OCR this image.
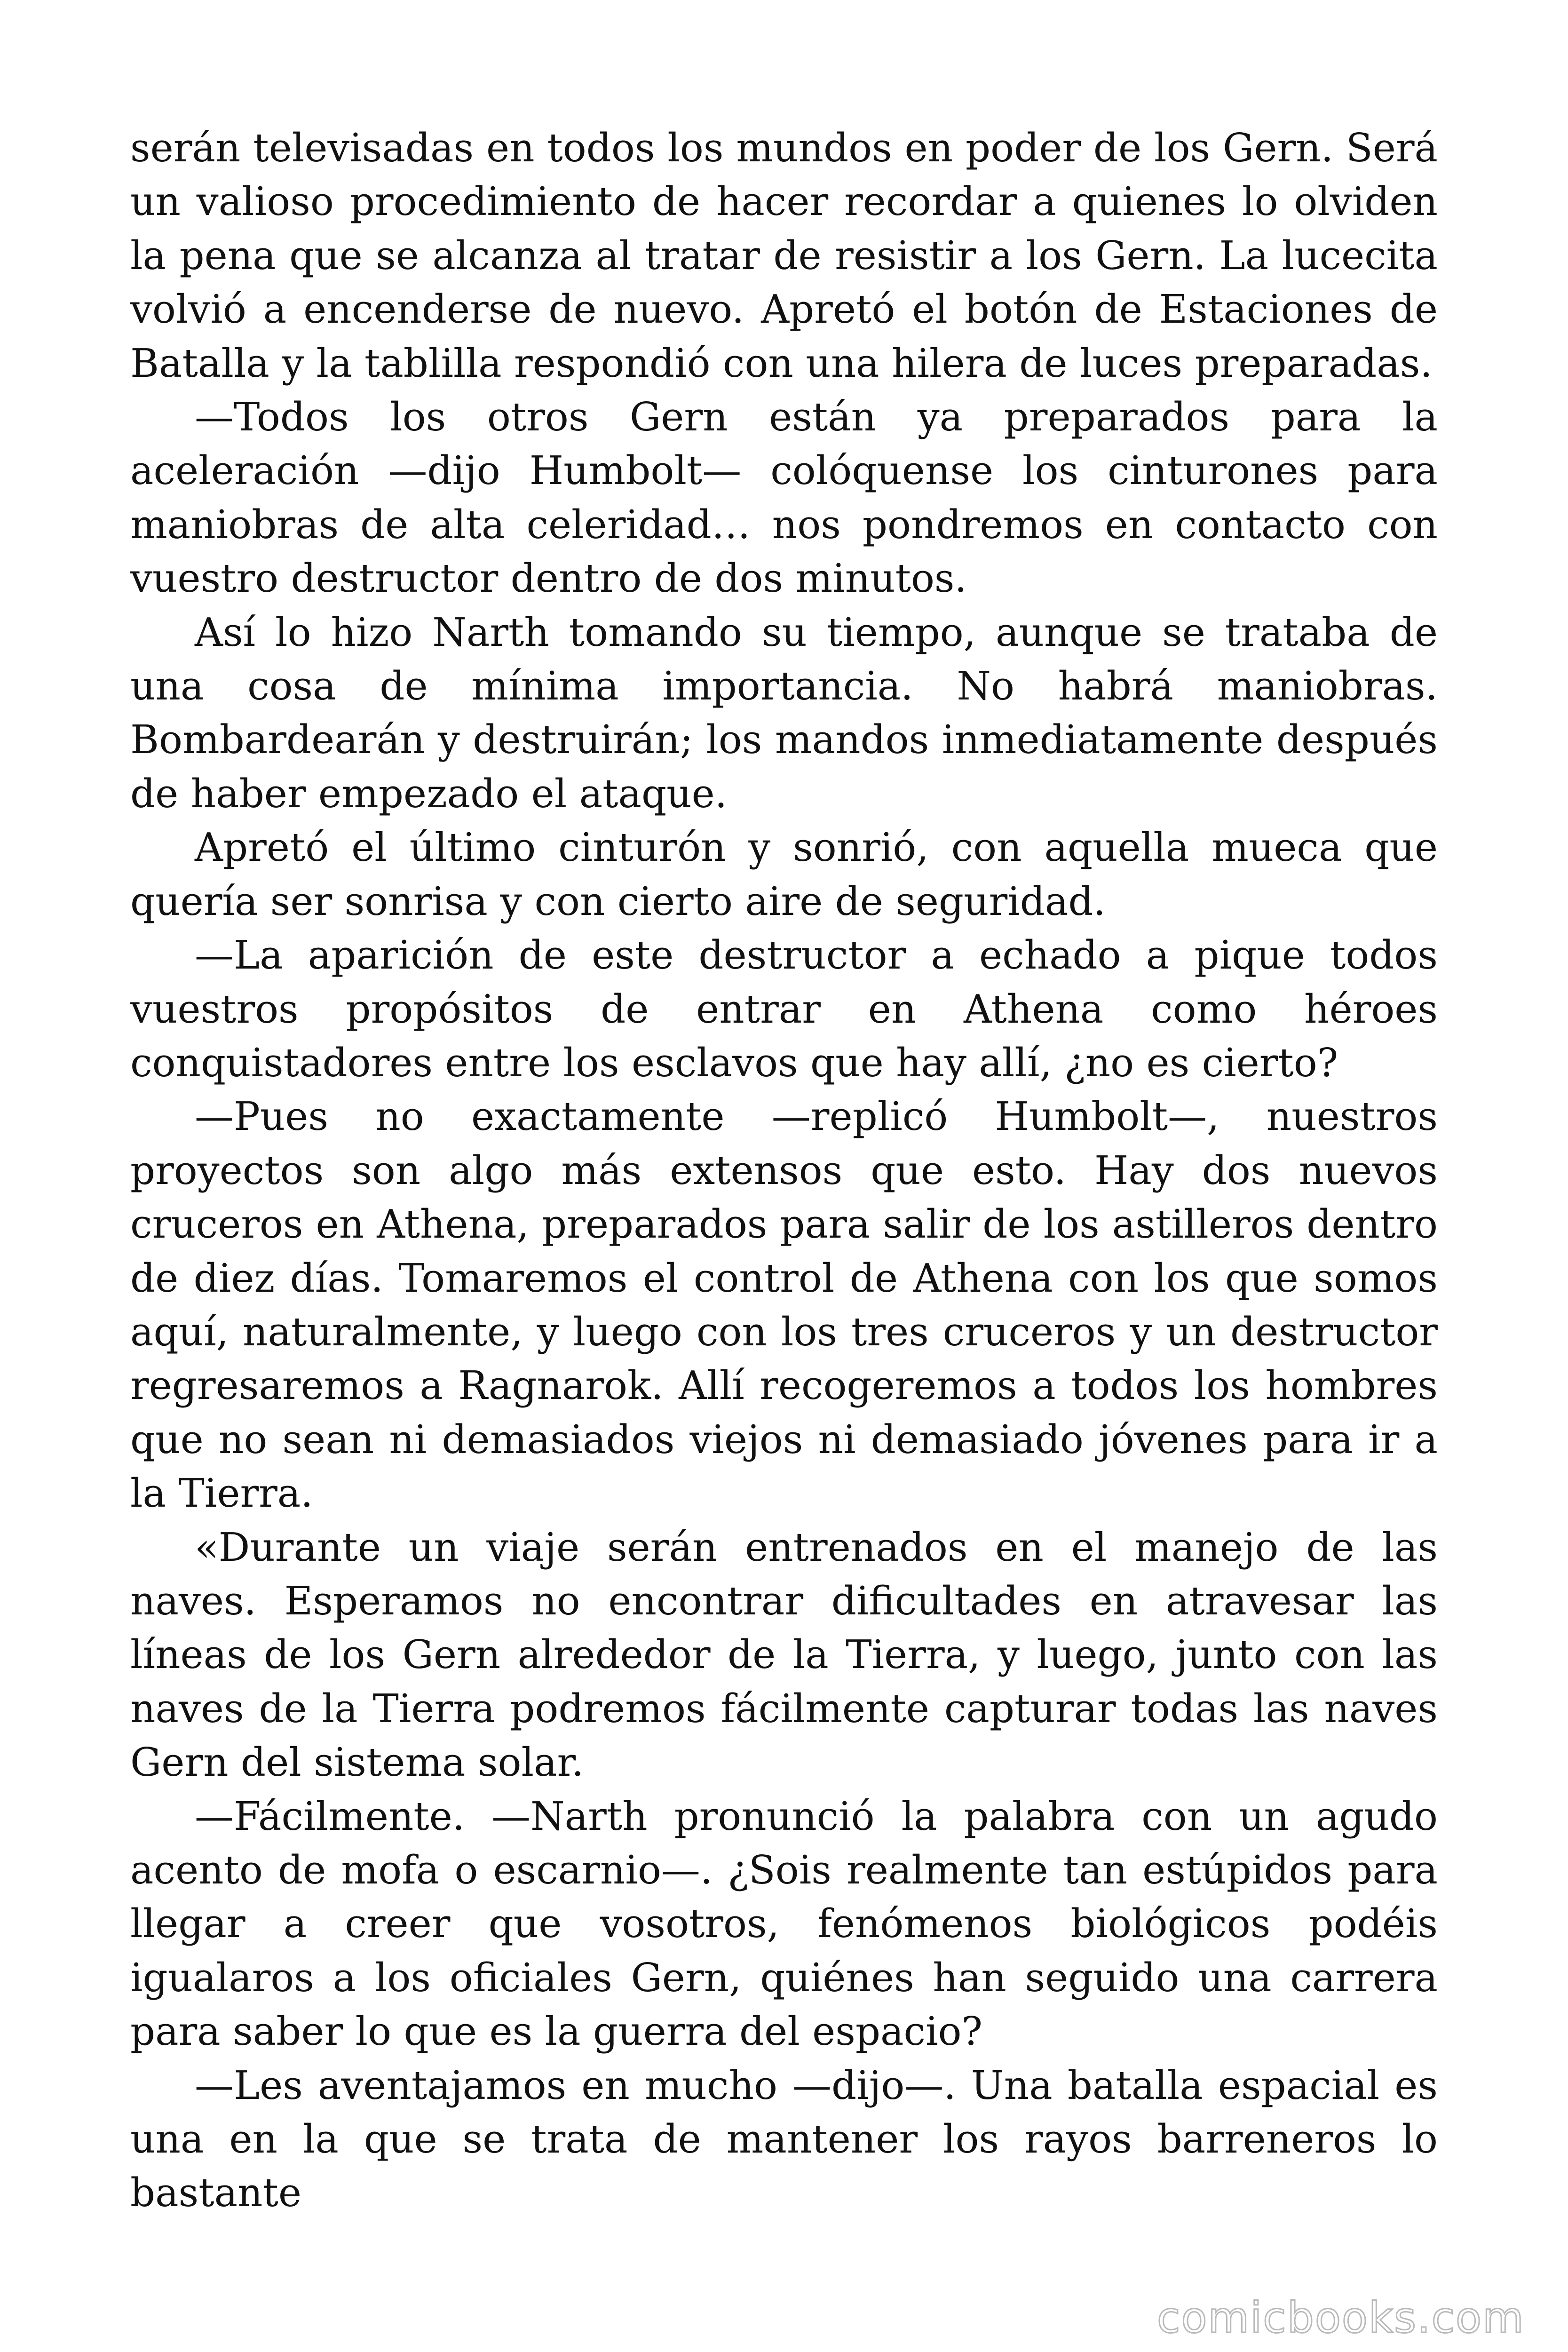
serán televisadas en todos los mundos en poder de los Gern. Será un valioso procedimiento de hacer recordar a quienes lo olviden la pena que se alcanza al tratar de resistir a los Gern. La lucecita volvió a encenderse de nuevo. Apretó el botón de Estaciones de Batalla y la tablilla respondió con una hilera de luces preparadas.

—Todos los otros Gern están ya preparados para la aceleración —dijo Humbolt— colóquense los cinturones para maniobras de alta celeridad… nos pondremos en contacto con vuestro destructor dentro de dos minutos.

Así lo hizo Narth tomando su tiempo, aunque se trataba de una cosa de mínima importancia. No habrá maniobras. Bombardearán y destruirán; los mandos inmediatamente después de haber empezado el ataque.

Apretó el último cinturón y sonrió, con aquella mueca que quería ser sonrisa y con cierto aire de seguridad.

—La aparición de este destructor a echado a pique todos vuestros propósitos de entrar en Athena como héroes conquistadores entre los esclavos que hay allí, ¿no es cierto?

—Pues no exactamente —replicó Humbolt—, nuestros proyectos son algo más extensos que esto. Hay dos nuevos cruceros en Athena, preparados para salir de los astilleros dentro de diez días. Tomaremos el control de Athena con los que somos aquí, naturalmente, y luego con los tres cruceros y un destructor regresaremos a Ragnarok. Allí recogeremos a todos los hombres que no sean ni demasiados viejos ni demasiado jóvenes para ir a la Tierra.

«Durante un viaje serán entrenados en el manejo de las naves. Esperamos no encontrar dificultades en atravesar las líneas de los Gern alrededor de la Tierra, y luego, junto con las naves de la Tierra podremos fácilmente capturar todas las naves Gern del sistema solar.

—Fácilmente. —Narth pronunció la palabra con un agudo acento de mofa o escarnio—. ¿Sois realmente tan estúpidos para llegar a creer que vosotros, fenómenos biológicos podéis igualaros a los oficiales Gern, quiénes han seguido una carrera para saber lo que es la guerra del espacio?

—Les aventajamos en mucho —dijo—. Una batalla espacial es una en la que se trata de mantener los rayos barreneros lo bastante

comicbooks.com
